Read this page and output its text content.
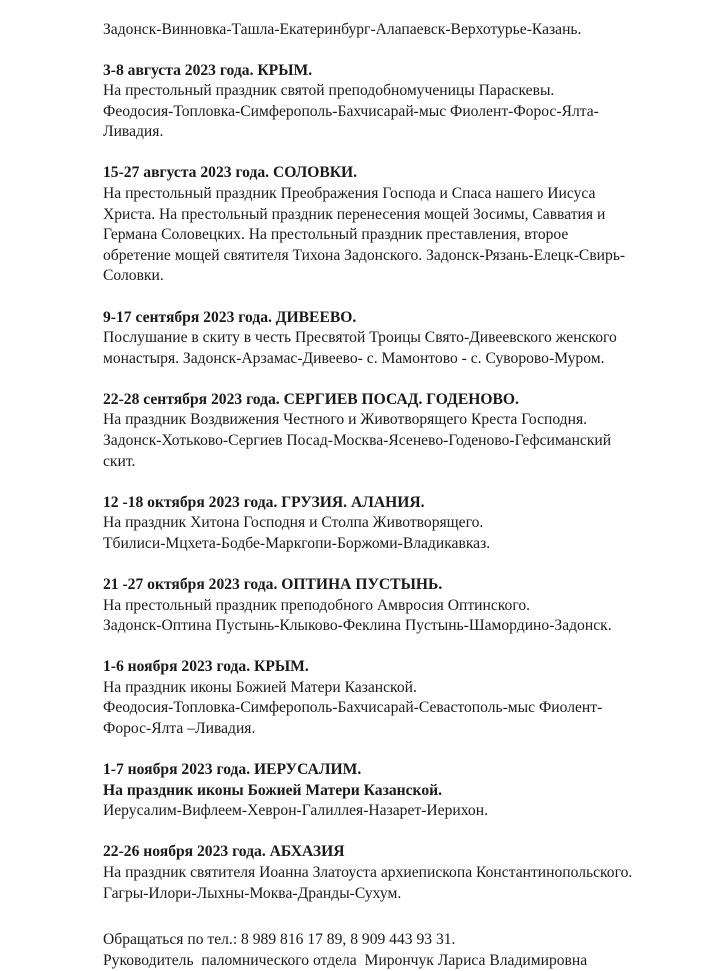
Задонск-Винновка-Ташла-Екатеринбург-Алапаевск-Верхотурье-Казань.

3-8 августа 2023 года. КРЫМ.

На престольный праздник святой преподобномученицы Параскевы.

Феодосия-Топловка-Симферополь-Бахчисарай-мыс Фиолент-Форос-Ялта-

Ливадия.

15-27 августа 2023 года. СОЛОВКИ.

На престольный праздник Преображения Господа и Спаса нашего Иисуса

Христа. На престольный праздник перенесения мощей Зосимы, Савватия и

Германа Соловецких. На престольный праздник преставления, второе

обретение мощей святителя Тихона Задонского. Задонск-Рязань-Елецк-Свирь-

Соловки.

9-17 сентября 2023 года. ДИВЕЕВО.

Послушание в скиту в честь Пресвятой Троицы Свято-Дивеевского женского

монастыря. Задонск-Арзамас-Дивеево- с. Мамонтово - с. Суворово-Муром.

22-28 сентября 2023 года. СЕРГИЕВ ПОСАД. ГОДЕНОВО.

На праздник Воздвижения Честного и Животворящего Креста Господня.

Задонск-Хотьково-Сергиев Посад-Москва-Ясенево-Годеново-Гефсиманский

скит.

12 -18 октября 2023 года. ГРУЗИЯ. АЛАНИЯ.

На праздник Хитона Господня и Столпа Животворящего.

Тбилиси-Мцхета-Бодбе-Маркгопи-Боржоми-Владикавказ.

21 -27 октября 2023 года. ОПТИНА ПУСТЫНЬ.

На престольный праздник преподобного Амвросия Оптинского.

Задонск-Оптина Пустынь-Клыково-Феклина Пустынь-Шамордино-Задонск.

1-6 ноября 2023 года. КРЫМ.

На праздник иконы Божией Матери Казанской.

Феодосия-Топловка-Симферополь-Бахчисарай-Севастополь-мыс Фиолент-

Форос-Ялта –Ливадия.

1-7 ноября 2023 года. ИЕРУСАЛИМ.

На праздник иконы Божией Матери Казанской.

Иерусалим-Вифлеем-Хеврон-Галиллея-Назарет-Иерихон.

22-26 ноября 2023 года. АБХАЗИЯ

На праздник святителя Иоанна Златоуста архиепископа Константинопольского.

Гагры-Илори-Лыхны-Моква-Дранды-Сухум.

Обращаться по тел.: 8 989 816 17 89, 8 909 443 93 31.

Руководитель  паломнического отдела  Мирончук Лариса Владимировна
